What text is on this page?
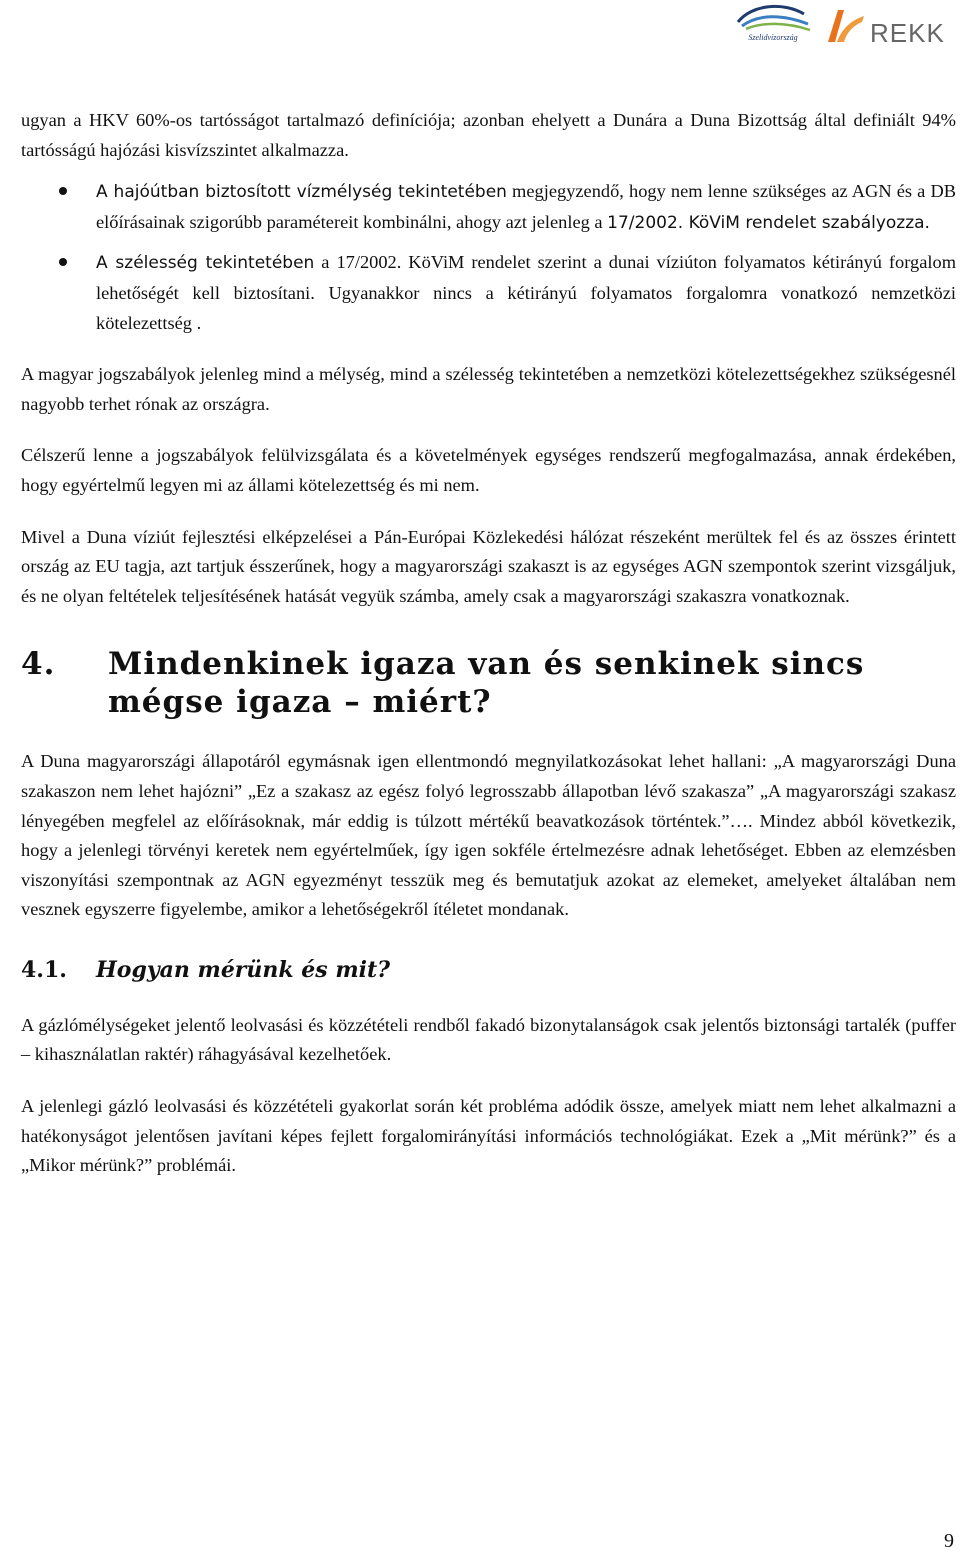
Szelidvízország	REKK

ugyan a HKV 60%-os tartósságot tartalmazó definíciója; azonban ehelyett a Dunára a Duna Bizottság által definiált 94% tartósságú hajózási kisvízszintet alkalmazza.

A hajóútban biztosított vízmélység tekintetében megjegyzendő, hogy nem lenne szükséges az AGN és a DB előírásainak szigorúbb paramétereit kombinálni, ahogy azt jelenleg a 17/2002. KöViM rendelet szabályozza.

A szélesség tekintetében a 17/2002. KöViM rendelet szerint a dunai víziúton folyamatos kétirányú forgalom lehetőségét kell biztosítani. Ugyanakkor nincs a kétirányú folyamatos forgalomra vonatkozó nemzetközi kötelezettség .

A magyar jogszabályok jelenleg mind a mélység, mind a szélesség tekintetében a nemzetközi kötelezettségekhez szükségesnél nagyobb terhet rónak az országra.

Célszerű lenne a jogszabályok felülvizsgálata és a követelmények egységes rendszerű megfogalmazása, annak érdekében, hogy egyértelmű legyen mi az állami kötelezettség és mi nem.

Mivel a Duna víziút fejlesztési elképzelései a Pán-Európai Közlekedési hálózat részeként merültek fel és az összes érintett ország az EU tagja, azt tartjuk ésszerűnek, hogy a magyarországi szakaszt is az egységes AGN szempontok szerint vizsgáljuk, és ne olyan feltételek teljesítésének hatását vegyük számba, amely csak a magyarországi szakaszra vonatkoznak.

4. Mindenkinek igaza van és senkinek sincs mégse igaza – miért?

A Duna magyarországi állapotáról egymásnak igen ellentmondó megnyilatkozásokat lehet hallani: „A magyarországi Duna szakaszon nem lehet hajózni” „Ez a szakasz az egész folyó legrosszabb állapotban lévő szakasza” „A magyarországi szakasz lényegében megfelel az előírásoknak, már eddig is túlzott mértékű beavatkozások történtek.”…. Mindez abból következik, hogy a jelenlegi törvényi keretek nem egyértelműek, így igen sokféle értelmezésre adnak lehetőséget. Ebben az elemzésben viszonyítási szempontnak az AGN egyezményt tesszük meg és bemutatjuk azokat az elemeket, amelyeket általában nem vesznek egyszerre figyelembe, amikor a lehetőségekről ítéletet mondanak.

4.1. Hogyan mérünk és mit?

A gázlómélységeket jelentő leolvasási és közzétételi rendből fakadó bizonytalanságok csak jelentős biztonsági tartalék (puffer – kihasználatlan raktér) ráhagyásával kezelhetőek.

A jelenlegi gázló leolvasási és közzétételi gyakorlat során két probléma adódik össze, amelyek miatt nem lehet alkalmazni a hatékonyságot jelentősen javítani képes fejlett forgalomirányítási információs technológiákat. Ezek a „Mit mérünk?” és a „Mikor mérünk?” problémái.

9
